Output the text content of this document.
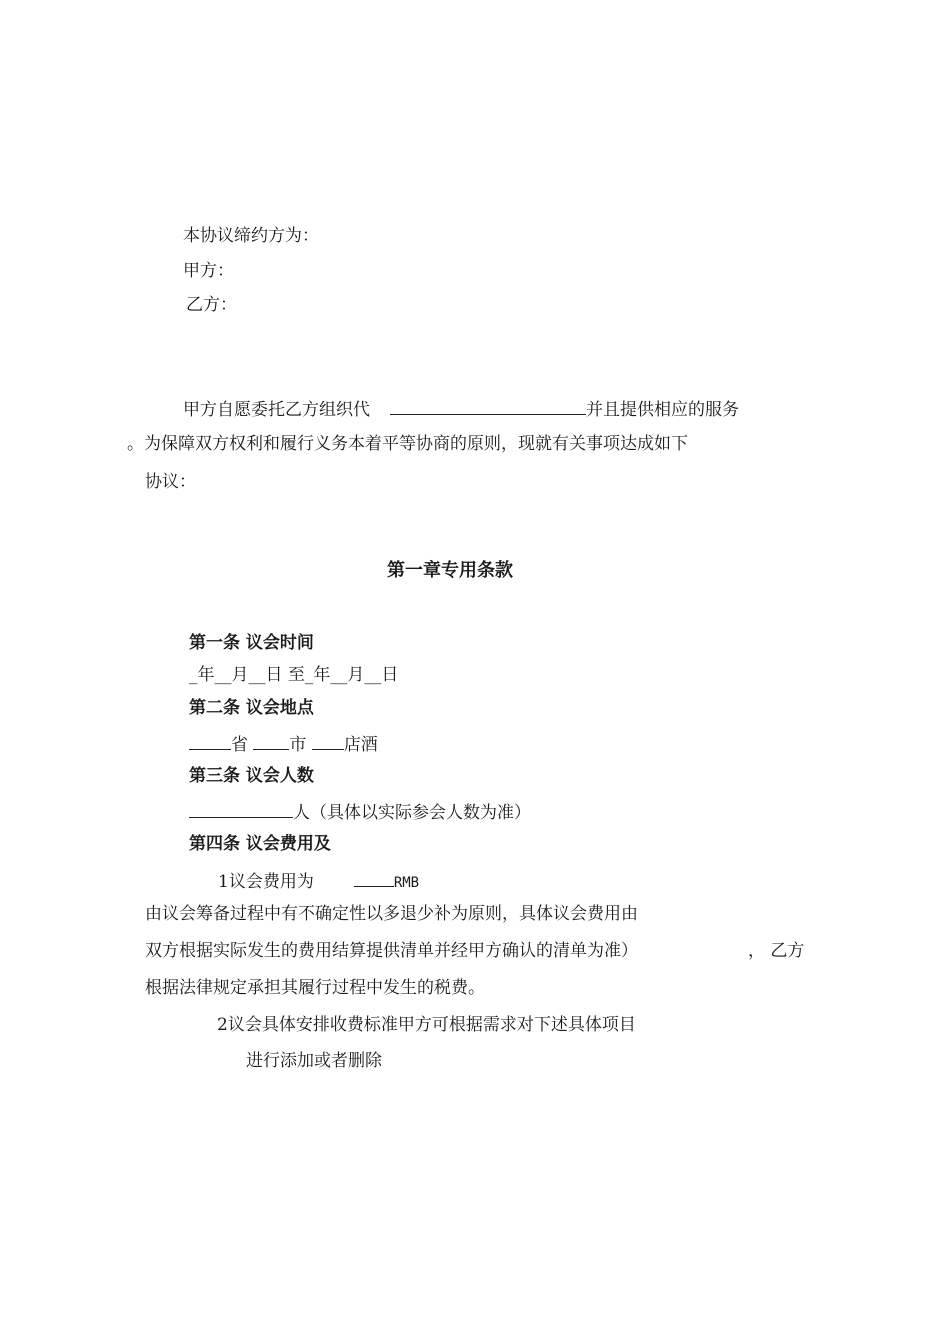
本协议缔约方为：
甲方：
乙方：
甲方自愿委托乙方组织代	并且提供相应的服务
。为保障双方权利和履行义务本着平等协商的原则，现就有关事项达成如下
协议：
第一章专用条款
第一条 议会时间
_年__月__日 至_年__月__日
第二条 议会地点
省 市 店酒
第三条 议会人数
人（具体以实际参会人数为准）
第四条 议会费用及
1议会费用为	RMB
由议会筹备过程中有不确定性以多退少补为原则，具体议会费用由
双方根据实际发生的费用结算提供清单并经甲方确认的清单为准）	， 乙方
根据法律规定承担其履行过程中发生的税费。
2议会具体安排收费标准甲方可根据需求对下述具体项目
进行添加或者删除
